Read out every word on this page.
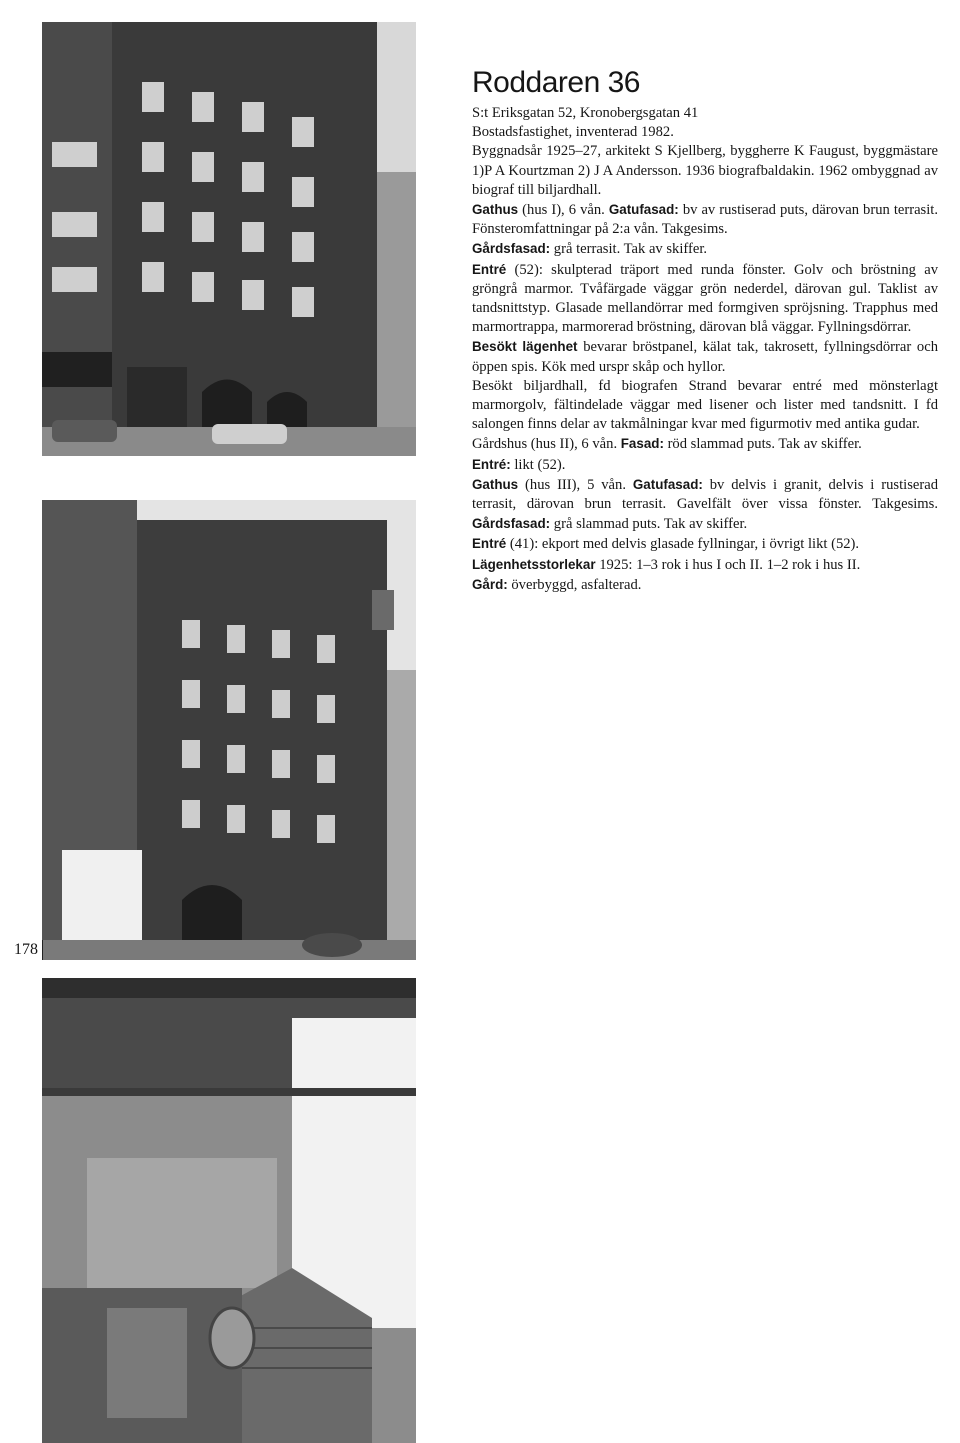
178
Roddaren 36

S:t Eriksgatan 52, Kronobergsgatan 41

Bostadsfastighet, inventerad 1982.

Byggnadsår 1925–27, arkitekt S Kjellberg, byggherre K Faugust, byggmästare 1)P A Kourtzman 2) J A Andersson. 1936 biografbaldakin. 1962 ombyggnad av biograf till biljardhall.

Gathus (hus I), 6 vån. Gatufasad: bv av rustiserad puts, därovan brun terrasit. Fönsteromfattningar på 2:a vån. Takgesims.

Gårdsfasad: grå terrasit. Tak av skiffer.

Entré (52): skulpterad träport med runda fönster. Golv och bröstning av gröngrå marmor. Tvåfärgade väggar grön nederdel, därovan gul. Taklist av tandsnittstyp. Glasade mellandörrar med formgiven spröjsning. Trapphus med marmortrappa, marmorerad bröstning, därovan blå väggar. Fyllningsdörrar.

Besökt lägenhet bevarar bröstpanel, kälat tak, takrosett, fyllningsdörrar och öppen spis. Kök med urspr skåp och hyllor.

Besökt biljardhall, fd biografen Strand bevarar entré med mönsterlagt marmorgolv, fältindelade väggar med lisener och lister med tandsnitt. I fd salongen finns delar av takmålningar kvar med figurmotiv med antika gudar.

Gårdshus (hus II), 6 vån. Fasad: röd slammad puts. Tak av skiffer.

Entré: likt (52).

Gathus (hus III), 5 vån. Gatufasad: bv delvis i granit, delvis i rustiserad terrasit, därovan brun terrasit. Gavelfält över vissa fönster. Takgesims. Gårdsfasad: grå slammad puts. Tak av skiffer.

Entré (41): ekport med delvis glasade fyllningar, i övrigt likt (52).

Lägenhetsstorlekar 1925: 1–3 rok i hus I och II. 1–2 rok i hus II.

Gård: överbyggd, asfalterad.
